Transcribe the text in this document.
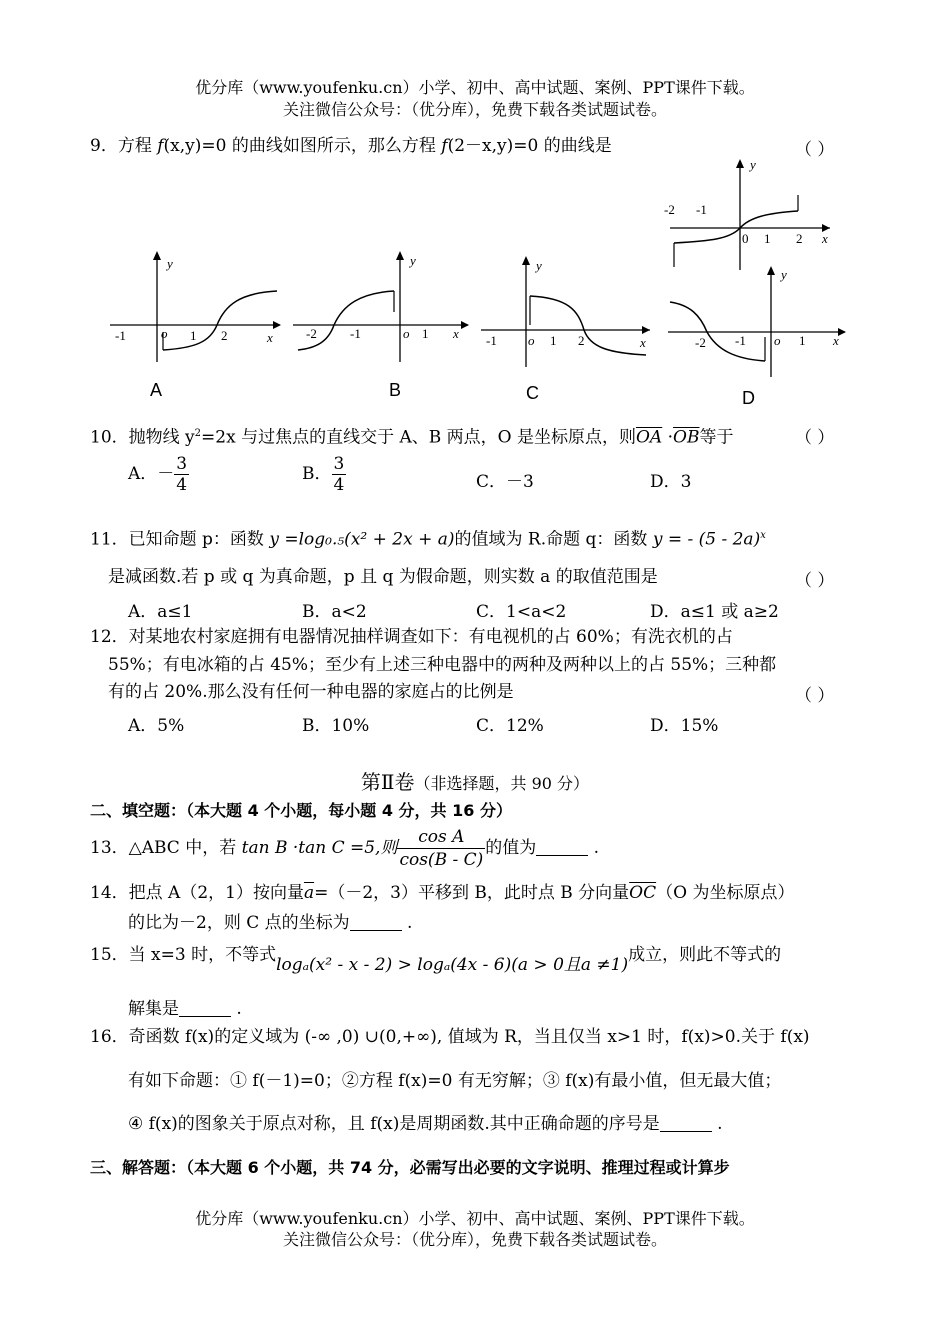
优分库（www.youfenku.cn）小学、初中、高中试题、案例、PPT课件下载。
关注微信公众号：（优分库），免费下载各类试题试卷。
9．方程 f(x,y)=0 的曲线如图所示，那么方程 f(2－x,y)=0 的曲线是	（ ）
y
x
-2 -1
0 1 2
y
x
-1	o 1 2
y
x
-2	-1	o 1
y
x
-1 o 1 2
y
x
-2 -1 o 1
A	B	C	D
10．抛物线 $y^2=2x$ 与过焦点的直线交于 A、B 两点，O 是坐标原点，则$\overline{OA} \cdot\overline{OB}$等于	（ ）
A．－ $\frac{3}{4}$	B． $\frac{3}{4}$	C．－3	D．3
11．已知命题 p：函数 y =log₀.₅(x² + 2x + a)的值域为 R.命题 q：函数 y = - (5 - 2a)$^x$
是减函数.若 p 或 q 为真命题，p 且 q 为假命题，则实数 a 的取值范围是	（ ）
A．a≤1	B．a<2	C．1<a<2	D．a≤1 或 a≥2
12．对某地农村家庭拥有电器情况抽样调查如下：有电视机的占 60%；有洗衣机的占
55%；有电冰箱的占 45%；至少有上述三种电器中的两种及两种以上的占 55%；三种都
有的占 20%.那么没有任何一种电器的家庭占的比例是	（ ）
A．5%	B．10%	C．12%	D．15%
第Ⅱ卷（非选择题，共 90 分）
二、填空题：（本大题 4 个小题，每小题 4 分，共 16 分）
13．△ABC 中，若 tan B ·tan C =5,则 $\frac{\text{cos A}}{\cos(B - C)}$ 的值为	.
14．把点 A（2，1）按向量$\overline{a}=(-2$，3）平移到 B，此时点 B 分向量$\overline{OC}(O$ 为坐标原点）
的比为－2，则 C 点的坐标为	.
15．当 x=3 时，不等式logₐ(x² - x - 2) > logₐ(4x - 6)(a > 0且a ≠1)成立，则此不等式的
解集是	.
16．奇函数 f(x)的定义域为 (-∞ ,0) ∪(0,+∞), 值域为 R，当且仅当 x>1 时，f(x)>0.关于 f(x)
有如下命题：① f(－1)=0；②方程 f(x)=0 有无穷解；③ f(x)有最小值，但无最大值；
④ f(x)的图象关于原点对称，且 f(x)是周期函数.其中正确命题的序号是	.
三、解答题：（本大题 6 个小题，共 74 分，必需写出必要的文字说明、推理过程或计算步
优分库（www.youfenku.cn）小学、初中、高中试题、案例、PPT课件下载。
关注微信公众号：（优分库），免费下载各类试题试卷。
